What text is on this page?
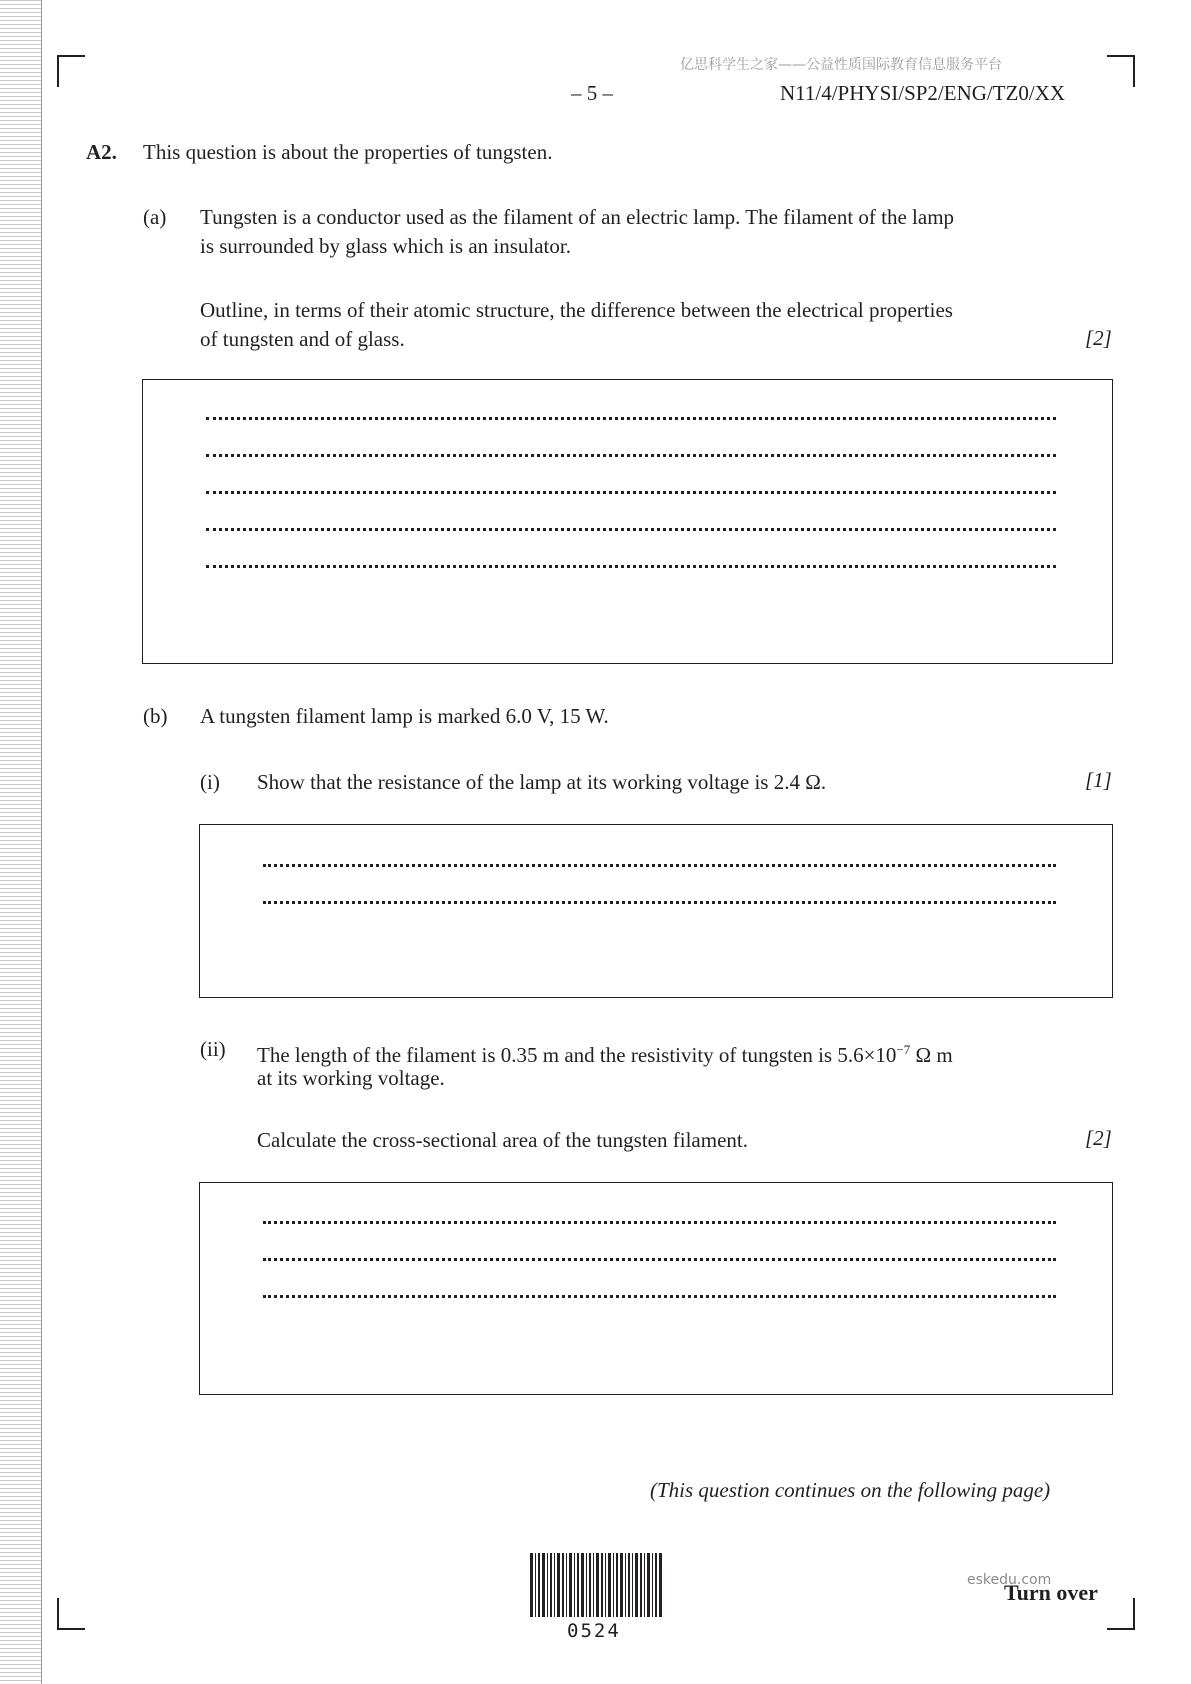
亿思科学生之家——公益性质国际教育信息服务平台
– 5 –	N11/4/PHYSI/SP2/ENG/TZ0/XX
A2. This question is about the properties of tungsten.
(a) Tungsten is a conductor used as the filament of an electric lamp. The filament of the lamp
is surrounded by glass which is an insulator.
Outline, in terms of their atomic structure, the difference between the electrical properties
of tungsten and of glass.	[2]
(b) A tungsten filament lamp is marked 6.0 V, 15 W.
(i) Show that the resistance of the lamp at its working voltage is 2.4 Ω.	[1]
(ii) The length of the filament is 0.35 m and the resistivity of tungsten is $5.6\times 10^{-7}$ Ω m
at its working voltage.
Calculate the cross-sectional area of the tungsten filament.	[2]
(This question continues on the following page)
0524
eskedu.com
Turn over
